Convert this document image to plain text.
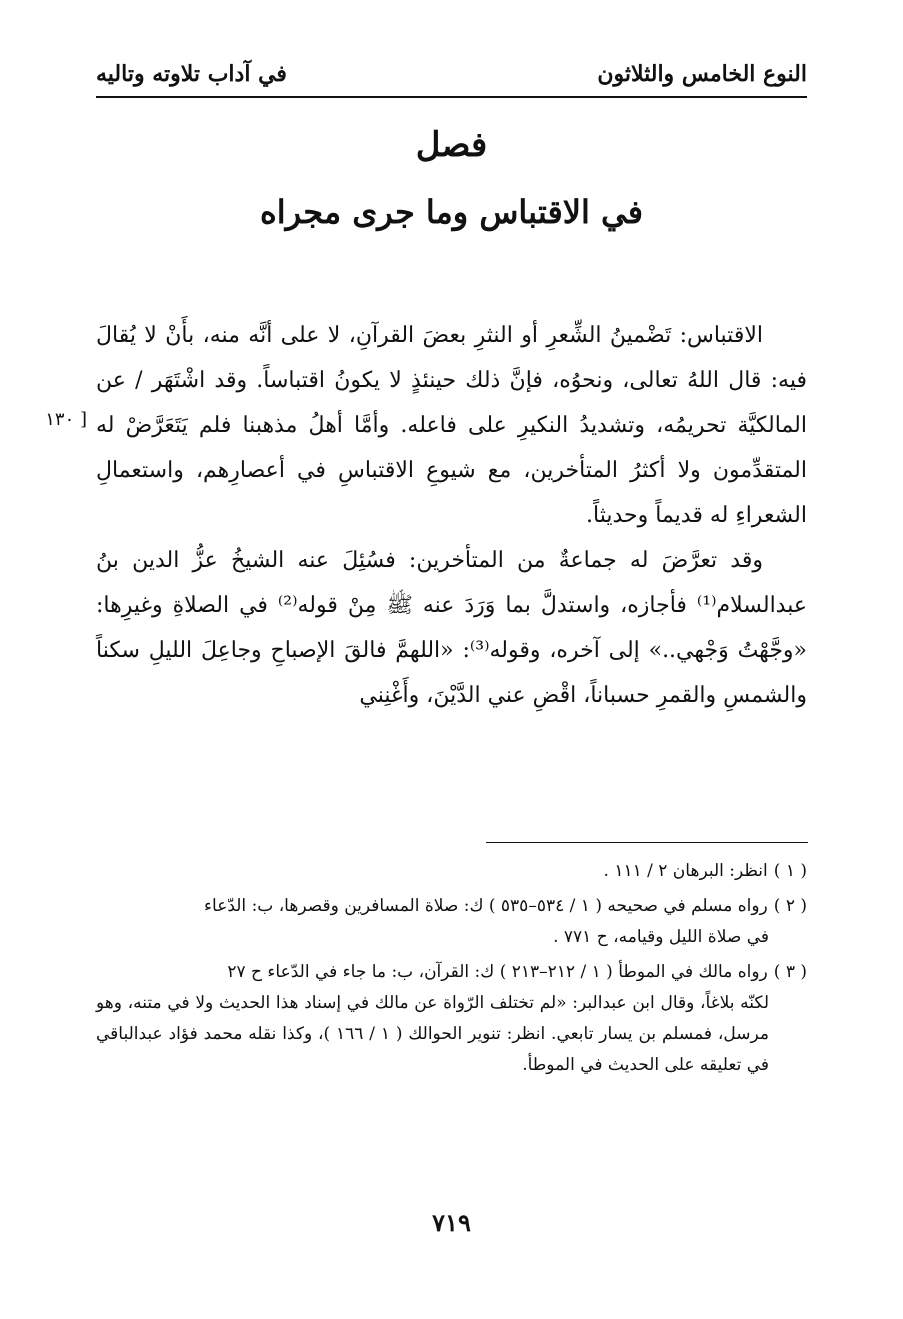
النوع الخامس والثلاثون
في آداب تلاوته وتاليه
فصل
في الاقتباس وما جرى مجراه

الاقتباس: تَضْمينُ الشِّعرِ أو النثرِ بعضَ القرآنِ، لا على أنَّه منه، بأَنْ لا يُقالَ فيه: قال اللهُ تعالى، ونحوُه، فإنَّ ذلك حينئذٍ لا يكونُ اقتباساً. وقد اشْتَهَر / عن المالكيَّة تحريمُه، وتشديدُ النكيرِ على فاعله. وأمَّا أهلُ مذهبنا فلم يَتَعَرَّضْ له المتقدِّمون ولا أكثرُ المتأخرين، مع شيوعِ الاقتباسِ في أعصارِهم، واستعمالِ الشعراءِ له قديماً وحديثاً.

وقد تعرَّضَ له جماعةٌ من المتأخرين: فسُئِلَ عنه الشيخُ عزُّ الدين بنُ عبدالسلام⁽¹⁾ فأجازه، واستدلَّ بما وَرَدَ عنه ﷺ مِنْ قوله⁽²⁾ في الصلاةِ وغيرِها: «وجَّهْتُ وَجْهي..» إلى آخره، وقوله⁽³⁾: «اللهمَّ فالقَ الإصباحِ وجاعِلَ الليلِ سكناً والشمسِ والقمرِ حسباناً، اقْضِ عني الدَّيْنَ، وأَغْنِني

[ ١٣٠
( ١ )انظر: البرهان ٢ / ١١١ .
( ٢ )رواه مسلم في صحيحه ( ١ / ٥٣٤–٥٣٥ ) ك: صلاة المسافرين وقصرها، ب: الدّعاء
في صلاة الليل وقيامه، ح ٧٧١ .
( ٣ )رواه مالك في الموطأ ( ١ / ٢١٢–٢١٣ ) ك: القرآن، ب: ما جاء في الدّعاء ح ٢٧
لكنّه بلاغاً، وقال ابن عبدالبر: «لم تختلف الرّواة عن مالك في إسناد هذا الحديث ولا في متنه، وهو مرسل، فمسلم بن يسار تابعي. انظر: تنوير الحوالك ( ١ / ١٦٦ )، وكذا نقله محمد فؤاد عبدالباقي في تعليقه على الحديث في الموطأ.
٧١٩
